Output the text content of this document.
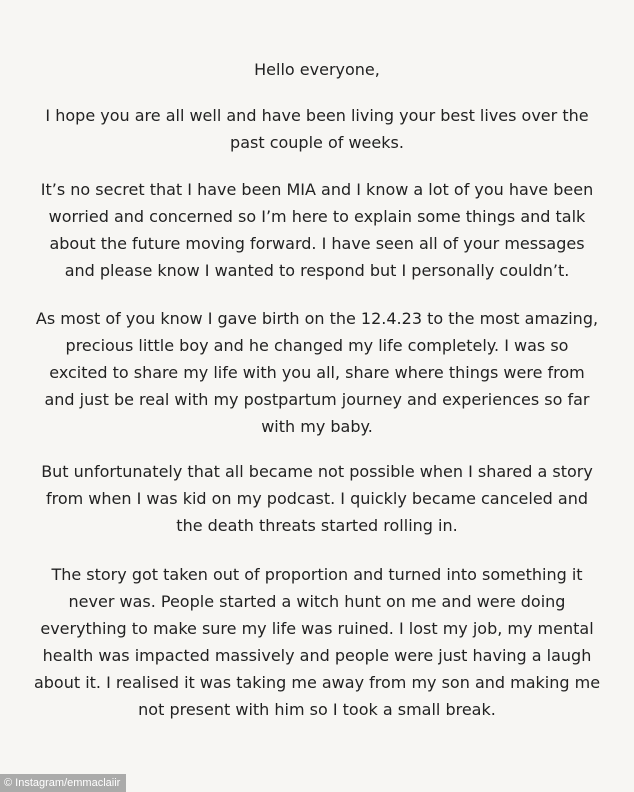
Hello everyone,
I hope you are all well and have been living your best lives over the
past couple of weeks.
It’s no secret that I have been MIA and I know a lot of you have been
worried and concerned so I’m here to explain some things and talk
about the future moving forward. I have seen all of your messages
and please know I wanted to respond but I personally couldn’t.
As most of you know I gave birth on the 12.4.23 to the most amazing,
precious little boy and he changed my life completely. I was so
excited to share my life with you all, share where things were from
and just be real with my postpartum journey and experiences so far
with my baby.
But unfortunately that all became not possible when I shared a story
from when I was kid on my podcast. I quickly became canceled and
the death threats started rolling in.
The story got taken out of proportion and turned into something it
never was. People started a witch hunt on me and were doing
everything to make sure my life was ruined. I lost my job, my mental
health was impacted massively and people were just having a laugh
about it. I realised it was taking me away from my son and making me
not present with him so I took a small break.
© Instagram/emmaclaiir
